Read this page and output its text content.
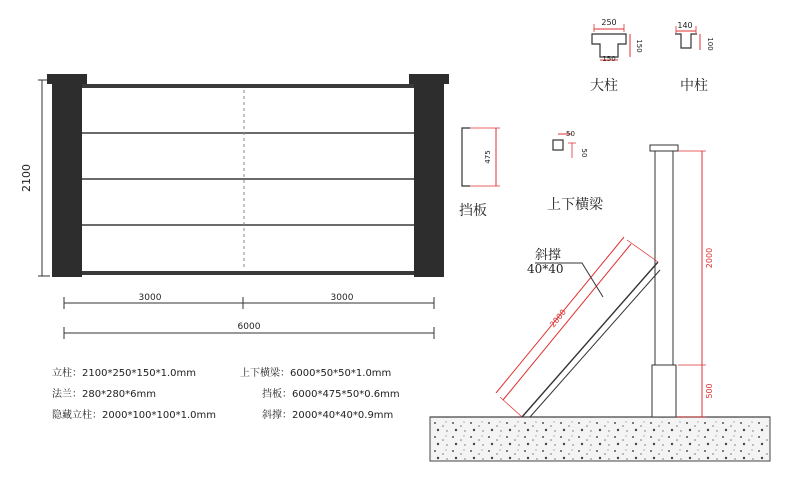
2100
3000	3000
6000
250
150
150
140
100
475
50
50
2000
2000
500
大柱	中柱
挡板	上下横梁
斜撑
40*40
立柱：2100*250*150*1.0mm
法兰：280*280*6mm
隐藏立柱：2000*100*100*1.0mm
上下横梁：6000*50*50*1.0mm
挡板：6000*475*50*0.6mm
斜撑：2000*40*40*0.9mm
